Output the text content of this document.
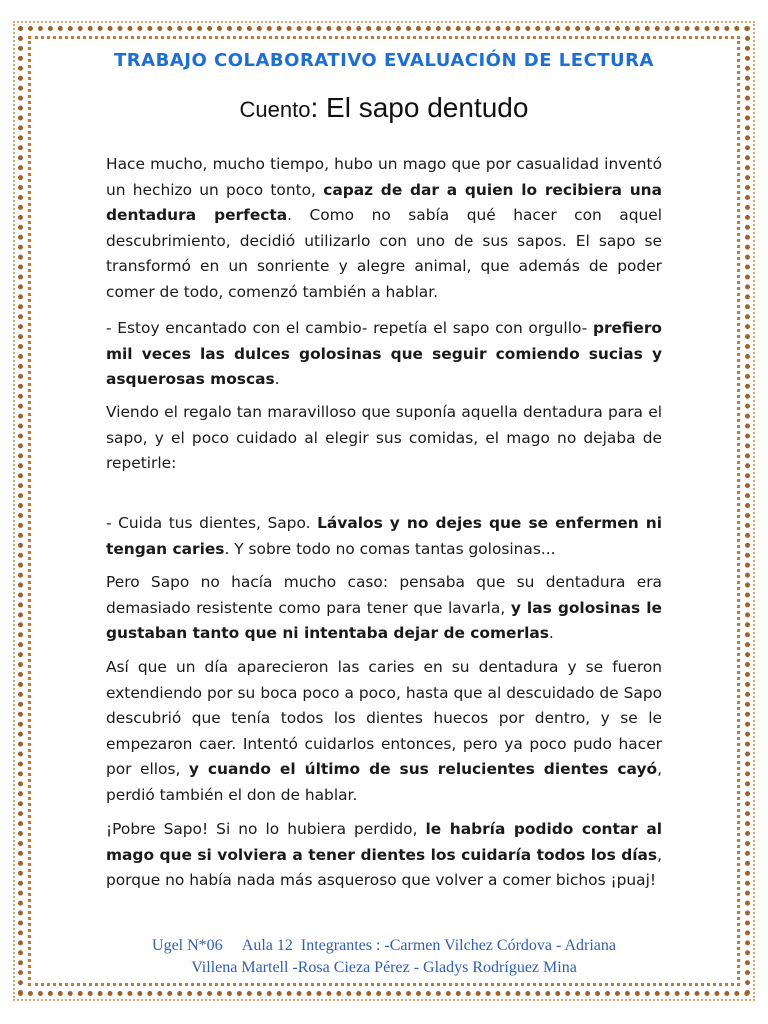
TRABAJO COLABORATIVO EVALUACIÓN DE LECTURA
Cuento: El sapo dentudo

Hace mucho, mucho tiempo, hubo un mago que por casualidad inventó un hechizo un poco tonto, capaz de dar a quien lo recibiera una dentadura perfecta. Como no sabía qué hacer con aquel descubrimiento, decidió utilizarlo con uno de sus sapos. El sapo se transformó en un sonriente y alegre animal, que además de poder comer de todo, comenzó también a hablar.

- Estoy encantado con el cambio- repetía el sapo con orgullo- prefiero mil veces las dulces golosinas que seguir comiendo sucias y asquerosas moscas.

Viendo el regalo tan maravilloso que suponía aquella dentadura para el sapo, y el poco cuidado al elegir sus comidas, el mago no dejaba de repetirle:

- Cuida tus dientes, Sapo. Lávalos y no dejes que se enfermen ni tengan caries. Y sobre todo no comas tantas golosinas...

Pero Sapo no hacía mucho caso: pensaba que su dentadura era demasiado resistente como para tener que lavarla, y las golosinas le gustaban tanto que ni intentaba dejar de comerlas.

Así que un día aparecieron las caries en su dentadura y se fueron extendiendo por su boca poco a poco, hasta que al descuidado de Sapo descubrió que tenía todos los dientes huecos por dentro, y se le empezaron caer. Intentó cuidarlos entonces, pero ya poco pudo hacer por ellos, y cuando el último de sus relucientes dientes cayó, perdió también el don de hablar.

¡Pobre Sapo! Si no lo hubiera perdido, le habría podido contar al mago que si volviera a tener dientes los cuidaría todos los días, porque no había nada más asqueroso que volver a comer bichos ¡puaj!

Ugel N*06     Aula 12  Integrantes : -Carmen Vilchez Córdova - Adriana
Villena Martell -Rosa Cieza Pérez - Gladys Rodríguez Mina
